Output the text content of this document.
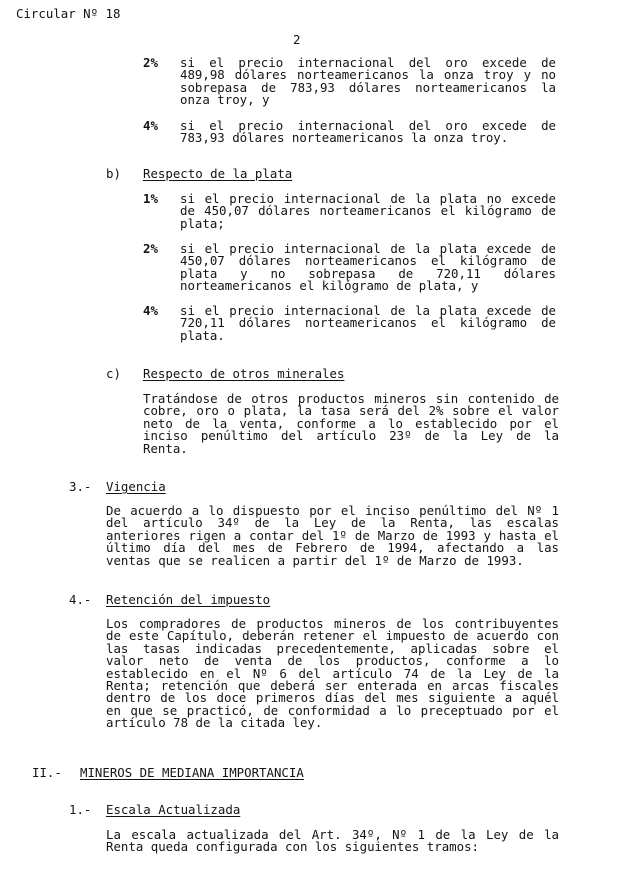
Circular Nº 18
2
2% si el precio internacional del oro excede de
489,98 dólares norteamericanos la onza troy y no
sobrepasa de 783,93 dólares norteamericanos la
onza troy, y
4% si el precio internacional del oro excede de
783,93 dólares norteamericanos la onza troy.
b) Respecto de la plata
1% si el precio internacional de la plata no excede
de 450,07 dólares norteamericanos el kilógramo de
plata;
2% si el precio internacional de la plata excede de
450,07 dólares norteamericanos el kilógramo de
plata y no sobrepasa de 720,11 dólares
norteamericanos el kilógramo de plata, y
4% si el precio internacional de la plata excede de
720,11 dólares norteamericanos el kilógramo de
plata.
c) Respecto de otros minerales
Tratándose de otros productos mineros sin contenido de
cobre, oro o plata, la tasa será del 2% sobre el valor
neto de la venta, conforme a lo establecido por el
inciso penúltimo del artículo 23º de la Ley de la
Renta.
3.- Vigencia
De acuerdo a lo dispuesto por el inciso penúltimo del Nº 1
del artículo 34º de la Ley de la Renta, las escalas
anteriores rigen a contar del 1º de Marzo de 1993 y hasta el
último día del mes de Febrero de 1994, afectando a las
ventas que se realicen a partir del 1º de Marzo de 1993.
4.- Retención del impuesto
Los compradores de productos mineros de los contribuyentes
de este Capítulo, deberán retener el impuesto de acuerdo con
las tasas indicadas precedentemente, aplicadas sobre el
valor neto de venta de los productos, conforme a lo
establecido en el Nº 6 del artículo 74 de la Ley de la
Renta; retención que deberá ser enterada en arcas fiscales
dentro de los doce primeros días del mes siguiente a aquél
en que se practicó, de conformidad a lo preceptuado por el
artículo 78 de la citada ley.
II.- MINEROS DE MEDIANA IMPORTANCIA
1.- Escala Actualizada
La escala actualizada del Art. 34º, Nº 1 de la Ley de la
Renta queda configurada con los siguientes tramos:
